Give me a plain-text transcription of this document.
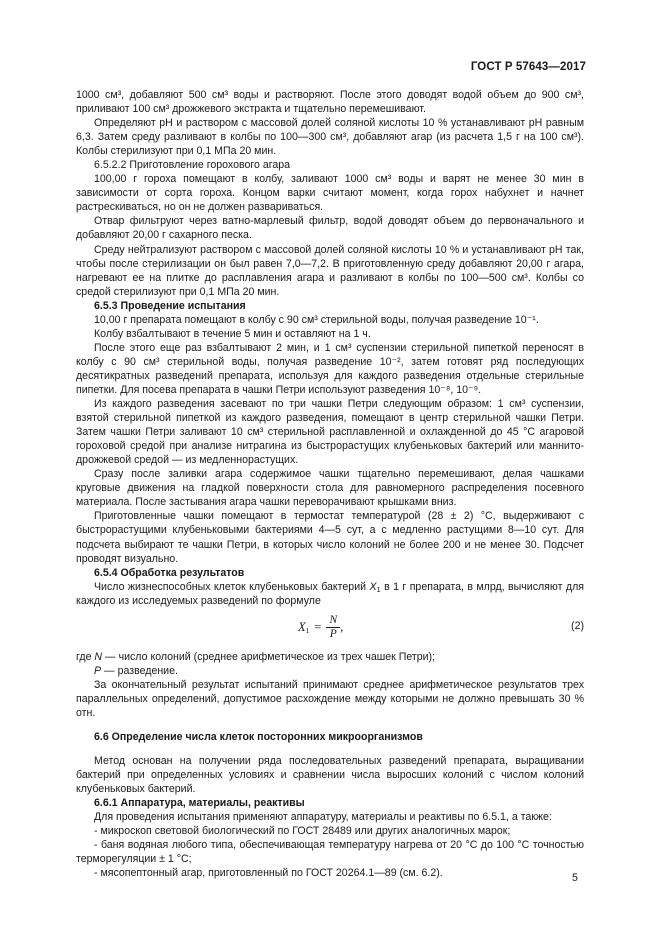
ГОСТ Р 57643—2017

1000 см³, добавляют 500 см³ воды и растворяют. После этого доводят водой объем до 900 см³, приливают 100 см³ дрожжевого экстракта и тщательно перемешивают.

Определяют pH и раствором с массовой долей соляной кислоты 10 % устанавливают pH равным 6,3. Затем среду разливают в колбы по 100—300 см³, добавляют агар (из расчета 1,5 г на 100 см³). Колбы стерилизуют при 0,1 МПа 20 мин.

6.5.2.2 Приготовление горохового агара

100,00 г гороха помещают в колбу, заливают 1000 см³ воды и варят не менее 30 мин в зависимости от сорта гороха. Концом варки считают момент, когда горох набухнет и начнет растрескиваться, но он не должен развариваться.

Отвар фильтруют через ватно-марлевый фильтр, водой доводят объем до первоначального и добавляют 20,00 г сахарного песка.

Среду нейтрализуют раствором с массовой долей соляной кислоты 10 % и устанавливают pH так, чтобы после стерилизации он был равен 7,0—7,2. В приготовленную среду добавляют 20,00 г агара, нагревают ее на плитке до расплавления агара и разливают в колбы по 100—500 см³. Колбы со средой стерилизуют при 0,1 МПа 20 мин.

6.5.3 Проведение испытания

10,00 г препарата помещают в колбу с 90 см³ стерильной воды, получая разведение 10⁻¹.

Колбу взбалтывают в течение 5 мин и оставляют на 1 ч.

После этого еще раз взбалтывают 2 мин, и 1 см³ суспензии стерильной пипеткой переносят в колбу с 90 см³ стерильной воды, получая разведение 10⁻², затем готовят ряд последующих десятикратных разведений препарата, используя для каждого разведения отдельные стерильные пипетки. Для посева препарата в чашки Петри используют разведения 10⁻⁸, 10⁻⁹.

Из каждого разведения засевают по три чашки Петри следующим образом: 1 см³ суспензии, взятой стерильной пипеткой из каждого разведения, помещают в центр стерильной чашки Петри. Затем чашки Петри заливают 10 см³ стерильной расплавленной и охлажденной до 45 °С агаровой гороховой средой при анализе нитрагина из быстрорастущих клубеньковых бактерий или маннито-дрожжевой средой — из медленнорастущих.

Сразу после заливки агара содержимое чашки тщательно перемешивают, делая чашками круговые движения на гладкой поверхности стола для равномерного распределения посевного материала. После застывания агара чашки переворачивают крышками вниз.

Приготовленные чашки помещают в термостат температурой (28 ± 2) °С, выдерживают с быстрорастущими клубеньковыми бактериями 4—5 сут, а с медленно растущими 8—10 сут. Для подсчета выбирают те чашки Петри, в которых число колоний не более 200 и не менее 30. Подсчет проводят визуально.

6.5.4 Обработка результатов

Число жизнеспособных клеток клубеньковых бактерий $X_1$ в 1 г препарата, в млрд, вычисляют для каждого из исследуемых разведений по формуле

$X_1 = \frac{N}{P}$ ,	(2)

где N — число колоний (среднее арифметическое из трех чашек Петри);

P — разведение.

За окончательный результат испытаний принимают среднее арифметическое результатов трех параллельных определений, допустимое расхождение между которыми не должно превышать 30 % отн.

6.6 Определение числа клеток посторонних микроорганизмов

Метод основан на получении ряда последовательных разведений препарата, выращивании бактерий при определенных условиях и сравнении числа выросших колоний с числом колоний клубеньковых бактерий.

6.6.1 Аппаратура, материалы, реактивы

Для проведения испытания применяют аппаратуру, материалы и реактивы по 6.5.1, а также:

- микроскоп световой биологический по ГОСТ 28489 или других аналогичных марок;

- баня водяная любого типа, обеспечивающая температуру нагрева от 20 °С до 100 °С точностью терморегуляции ± 1 °С;

- мясопептонный агар, приготовленный по ГОСТ 20264.1—89 (см. 6.2).	5
